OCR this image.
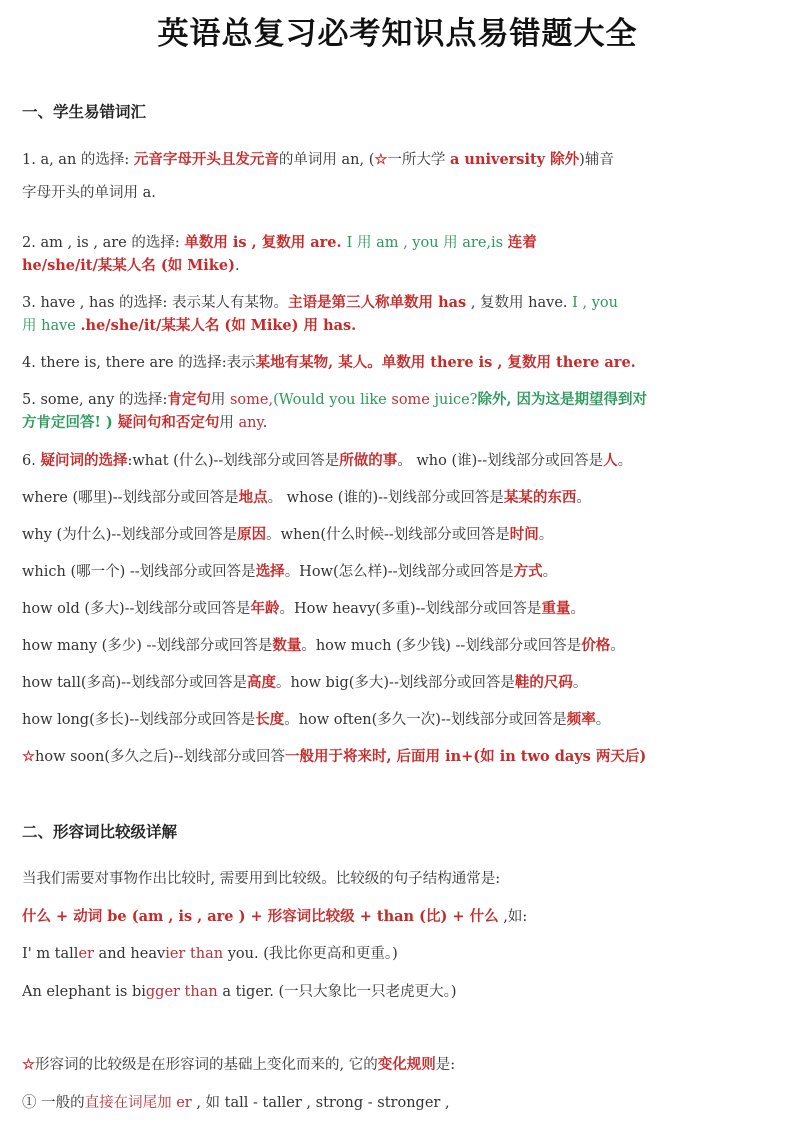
英语总复习必考知识点易错题大全
一、学生易错词汇
1. a, an 的选择: 元音字母开头且发元音的单词用 an, (☆一所大学 a university 除外)辅音
字母开头的单词用 a.
2. am , is , are 的选择: 单数用 is , 复数用 are. I 用 am , you 用 are,is 连着
he/she/it/某某人名 (如 Mike).
3. have , has 的选择: 表示某人有某物。主语是第三人称单数用 has , 复数用 have. I , you
用 have .he/she/it/某某人名 (如 Mike) 用 has.
4. there is, there are 的选择:表示某地有某物, 某人。单数用 there is , 复数用 there are.
5. some, any 的选择:肯定句用 some,(Would you like some juice?除外, 因为这是期望得到对
方肯定回答! ) 疑问句和否定句用 any.
6. 疑问词的选择:what (什么)--划线部分或回答是所做的事。 who (谁)--划线部分或回答是人。
where (哪里)--划线部分或回答是地点。 whose (谁的)--划线部分或回答是某某的东西。
why (为什么)--划线部分或回答是原因。when(什么时候--划线部分或回答是时间。
which (哪一个) --划线部分或回答是选择。How(怎么样)--划线部分或回答是方式。
how old (多大)--划线部分或回答是年龄。How heavy(多重)--划线部分或回答是重量。
how many (多少) --划线部分或回答是数量。how much (多少钱) --划线部分或回答是价格。
how tall(多高)--划线部分或回答是高度。how big(多大)--划线部分或回答是鞋的尺码。
how long(多长)--划线部分或回答是长度。how often(多久一次)--划线部分或回答是频率。
☆how soon(多久之后)--划线部分或回答一般用于将来时, 后面用 in+(如 in two days 两天后)
二、形容词比较级详解
当我们需要对事物作出比较时, 需要用到比较级。比较级的句子结构通常是:
什么 + 动词 be (am , is , are ) + 形容词比较级 + than (比) + 什么 ,如:
I' m taller and heavier than you. (我比你更高和更重。)
An elephant is bigger than a tiger. (一只大象比一只老虎更大。)
☆形容词的比较级是在形容词的基础上变化而来的, 它的变化规则是:
① 一般的直接在词尾加 er , 如 tall - taller , strong - stronger ,
